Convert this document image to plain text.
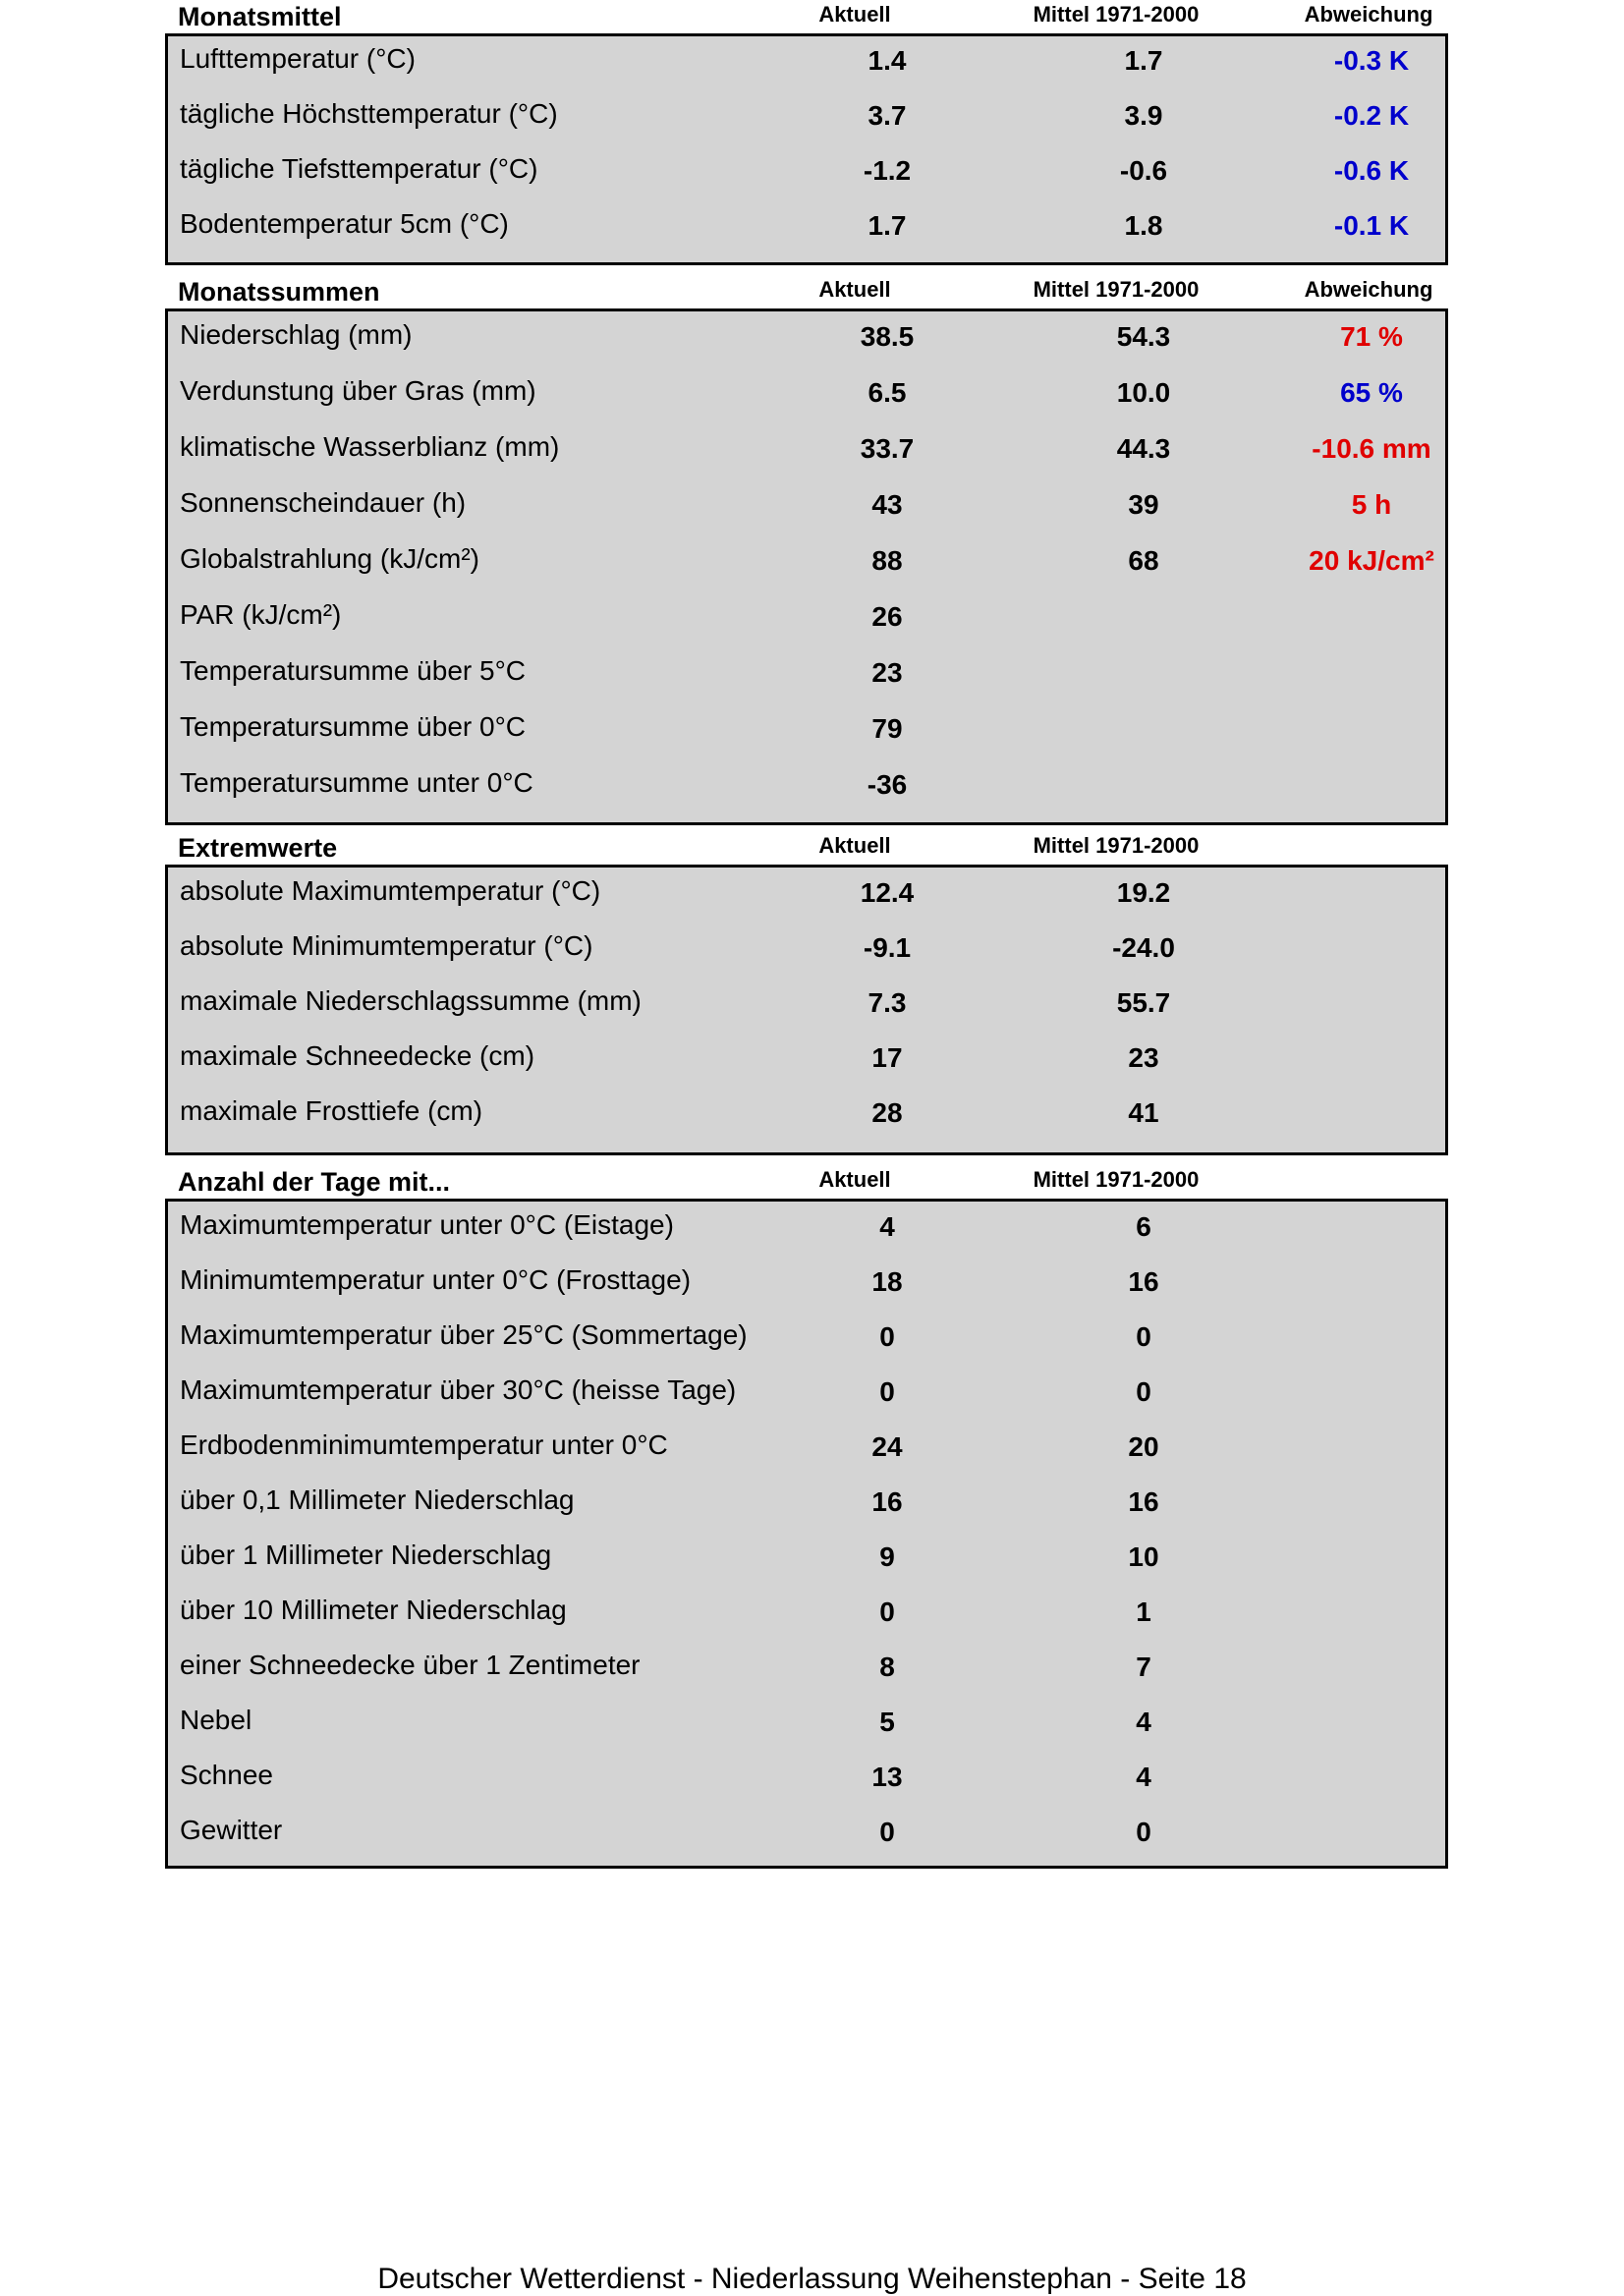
Monatsmittel	Aktuell	Mittel 1971-2000	Abweichung
Lufttemperatur (°C)	1.4	1.7	-0.3 K
tägliche Höchsttemperatur (°C)	3.7	3.9	-0.2 K
tägliche Tiefsttemperatur (°C)	-1.2	-0.6	-0.6 K
Bodentemperatur 5cm (°C)	1.7	1.8	-0.1 K
Monatssummen	Aktuell	Mittel 1971-2000	Abweichung
Niederschlag (mm)	38.5	54.3	71 %
Verdunstung über Gras (mm)	6.5	10.0	65 %
klimatische Wasserblianz (mm)	33.7	44.3	-10.6 mm
Sonnenscheindauer (h)	43	39	5 h
Globalstrahlung (kJ/cm²)	88	68	20 kJ/cm²
PAR (kJ/cm²)	26
Temperatursumme über 5°C	23
Temperatursumme über 0°C	79
Temperatursumme unter 0°C	-36
Extremwerte	Aktuell	Mittel 1971-2000
absolute Maximumtemperatur (°C)	12.4	19.2
absolute Minimumtemperatur (°C)	-9.1	-24.0
maximale Niederschlagssumme (mm)	7.3	55.7
maximale Schneedecke (cm)	17	23
maximale Frosttiefe (cm)	28	41
Anzahl der Tage mit...	Aktuell	Mittel 1971-2000
Maximumtemperatur unter 0°C (Eistage)	4	6
Minimumtemperatur unter 0°C (Frosttage)	18	16
Maximumtemperatur über 25°C (Sommertage)	0	0
Maximumtemperatur über 30°C (heisse Tage)	0	0
Erdbodenminimumtemperatur unter 0°C	24	20
über 0,1 Millimeter Niederschlag	16	16
über 1 Millimeter Niederschlag	9	10
über 10 Millimeter Niederschlag	0	1
einer Schneedecke über 1 Zentimeter	8	7
Nebel	5	4
Schnee	13	4
Gewitter	0	0
Deutscher Wetterdienst - Niederlassung Weihenstephan - Seite 18
